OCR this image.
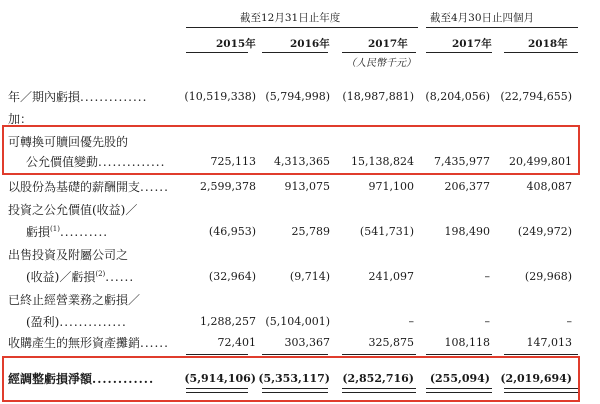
截至12月31日止年度	截至4月30日止四個月
2015年	2016年	2017年	2017年	2018年
（人民幣千元）
年／期內虧損..............	(10,519,338) (5,794,998) (18,987,881) (8,204,056) (22,794,655)
加：
可轉換可贖回優先股的
公允價值變動..............	725,113 4,313,365 15,138,824 7,435,977 20,499,801
以股份為基礎的薪酬開支......	2,599,378	913,075	971,100	206,377	408,087
投資之公允價值(收益)／
虧損$^{(1)}$..........	(46,953)	25,789	(541,731)	198,490	(249,972)
出售投資及附屬公司之
(收益)／虧損$^{(2)}$......	(32,964)	(9,714)	241,097	–	(29,968)
已終止經營業務之虧損／
(盈利)..............	1,288,257 (5,104,001)	–	–	–
收購產生的無形資產攤銷......	72,401	303,367	325,875	108,118	147,013
經調整虧損淨額............	(5,914,106) (5,353,117) (2,852,716) (255,094) (2,019,694)
